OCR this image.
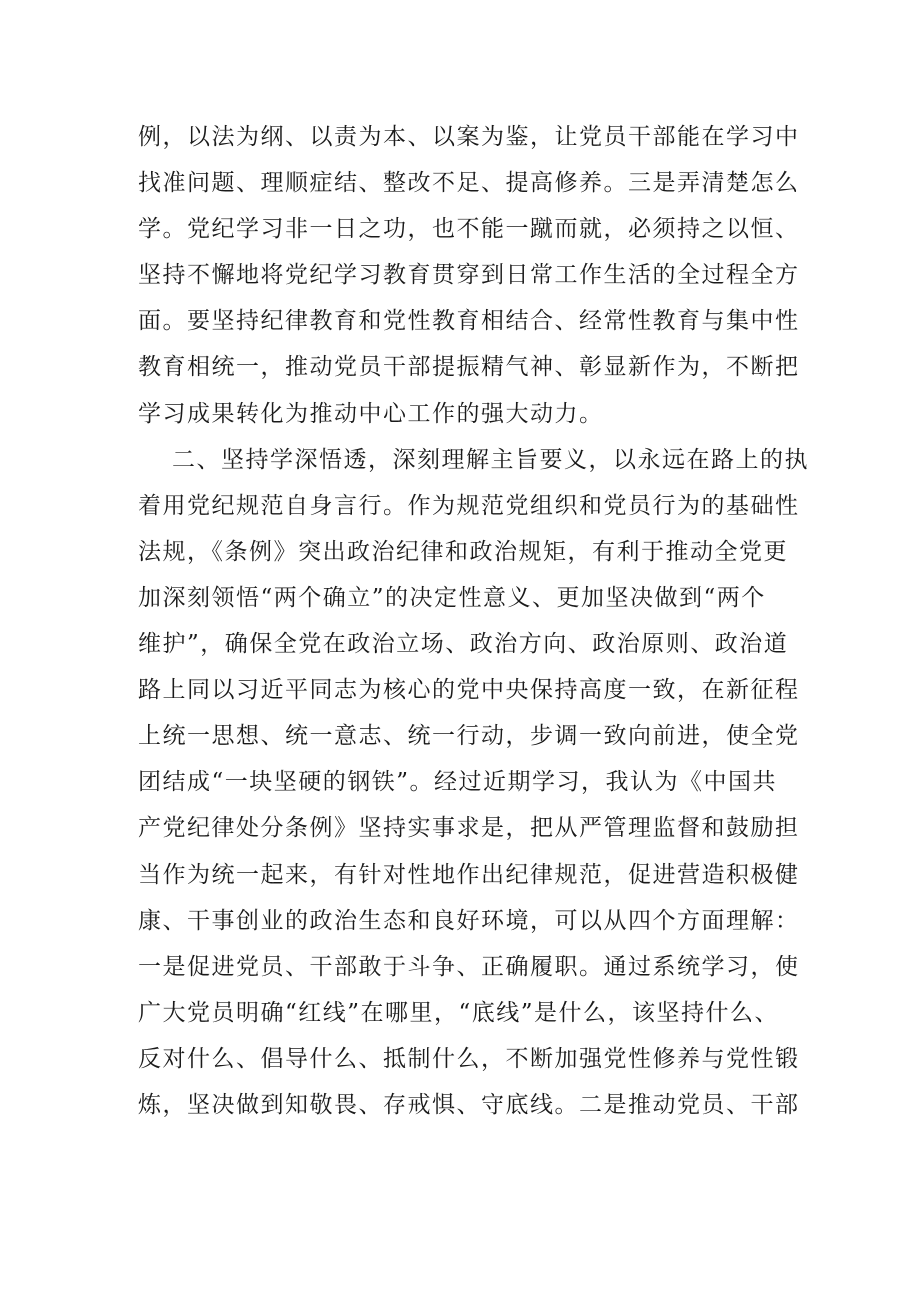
例，以法为纲、以责为本、以案为鉴，让党员干部能在学习中
找准问题、理顺症结、整改不足、提高修养。三是弄清楚怎么
学。党纪学习非一日之功，也不能一蹴而就，必须持之以恒、
坚持不懈地将党纪学习教育贯穿到日常工作生活的全过程全方
面。要坚持纪律教育和党性教育相结合、经常性教育与集中性
教育相统一，推动党员干部提振精气神、彰显新作为，不断把
学习成果转化为推动中心工作的强大动力。
二、坚持学深悟透，深刻理解主旨要义，以永远在路上的执
着用党纪规范自身言行。作为规范党组织和党员行为的基础性
法规，《条例》突出政治纪律和政治规矩，有利于推动全党更
加深刻领悟“两个确立”的决定性意义、更加坚决做到“两个
维护”，确保全党在政治立场、政治方向、政治原则、政治道
路上同以习近平同志为核心的党中央保持高度一致，在新征程
上统一思想、统一意志、统一行动，步调一致向前进，使全党
团结成“一块坚硬的钢铁”。经过近期学习，我认为《中国共
产党纪律处分条例》坚持实事求是，把从严管理监督和鼓励担
当作为统一起来，有针对性地作出纪律规范，促进营造积极健
康、干事创业的政治生态和良好环境，可以从四个方面理解：
一是促进党员、干部敢于斗争、正确履职。通过系统学习，使
广大党员明确“红线”在哪里，“底线”是什么，该坚持什么、
反对什么、倡导什么、抵制什么，不断加强党性修养与党性锻
炼，坚决做到知敬畏、存戒惧、守底线。二是推动党员、干部
